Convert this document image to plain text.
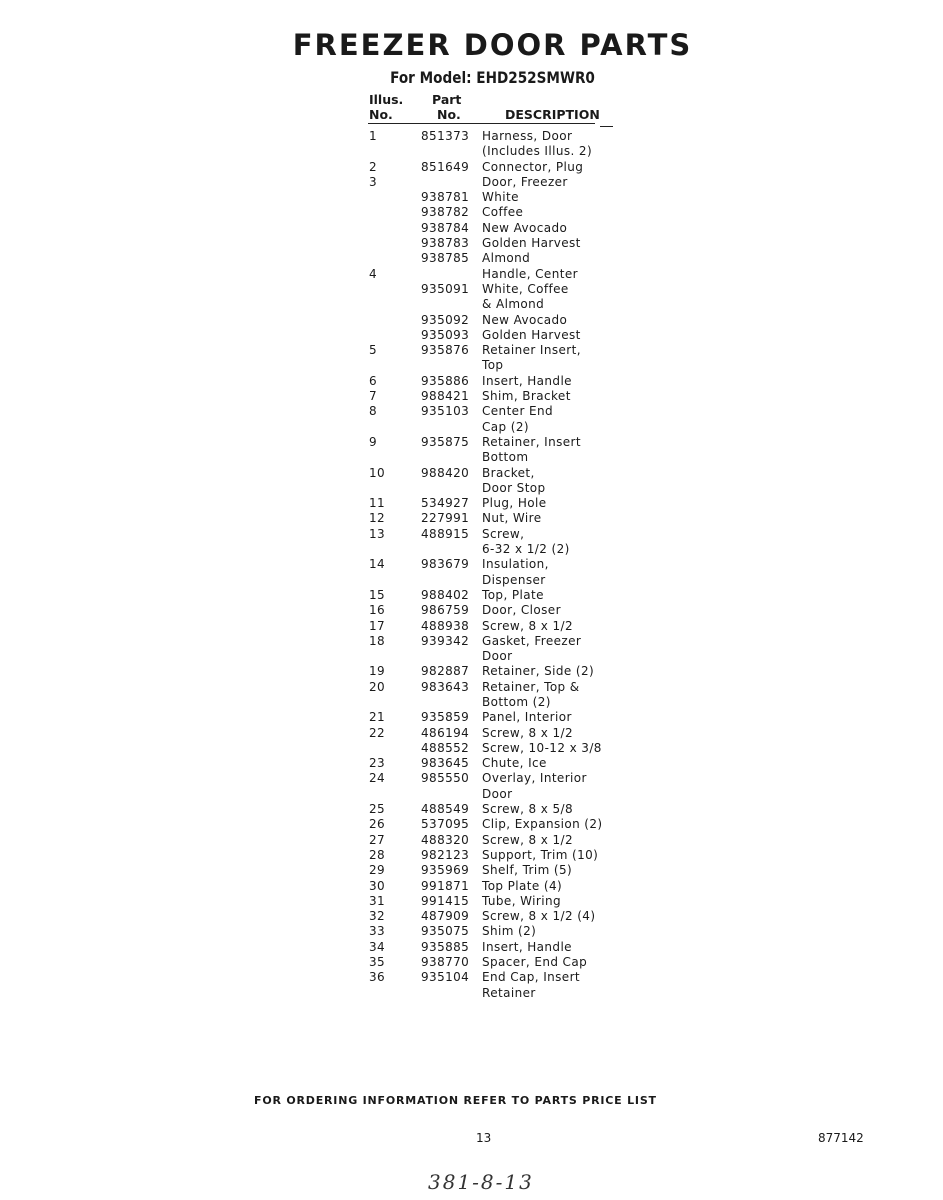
FREEZER DOOR PARTS
For Model: EHD252SMWR0
Illus.
No.
Part
No.	DESCRIPTION
1	851373 Harness, Door
(Includes Illus. 2)
2	851649 Connector, Plug
3	Door, Freezer
938781 White
938782 Coffee
938784 New Avocado
938783 Golden Harvest
938785 Almond
4	Handle, Center
935091 White, Coffee
& Almond
935092 New Avocado
935093 Golden Harvest
5	935876 Retainer Insert,
Top
6	935886 Insert, Handle
7	988421 Shim, Bracket
8	935103 Center End
Cap (2)
9	935875 Retainer, Insert
Bottom
10	988420 Bracket,
Door Stop
11	534927 Plug, Hole
12	227991 Nut, Wire
13	488915 Screw,
6-32 x 1/2 (2)
14	983679 Insulation,
Dispenser
15	988402 Top, Plate
16	986759 Door, Closer
17	488938 Screw, 8 x 1/2
18	939342 Gasket, Freezer
Door
19	982887 Retainer, Side (2)
20	983643 Retainer, Top &
Bottom (2)
21	935859 Panel, Interior
22	486194 Screw, 8 x 1/2
488552 Screw, 10-12 x 3/8
23	983645 Chute, Ice
24	985550 Overlay, Interior
Door
25	488549 Screw, 8 x 5/8
26	537095 Clip, Expansion (2)
27	488320 Screw, 8 x 1/2
28	982123 Support, Trim (10)
29	935969 Shelf, Trim (5)
30	991871 Top Plate (4)
31	991415 Tube, Wiring
32	487909 Screw, 8 x 1/2 (4)
33	935075 Shim (2)
34	935885 Insert, Handle
35	938770 Spacer, End Cap
36	935104 End Cap, Insert
Retainer
FOR ORDERING INFORMATION REFER TO PARTS PRICE LIST
13	877142
381-8-13
